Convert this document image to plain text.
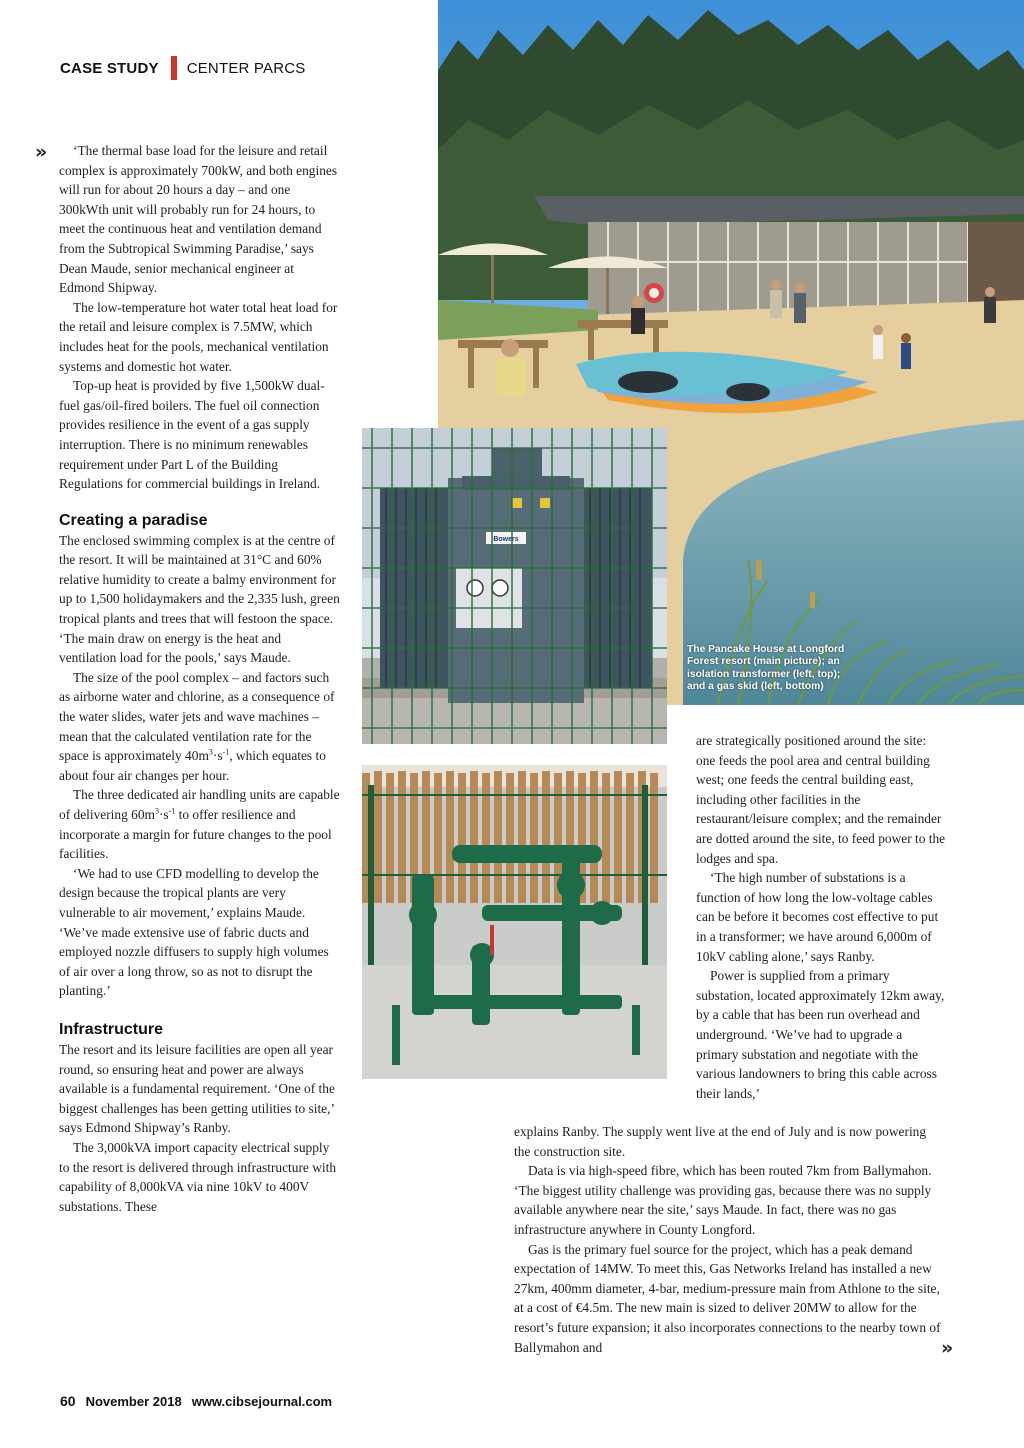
CASE STUDY CENTER PARCS
Bowers
The Pancake House at Longford Forest resort (main picture); an isolation transformer (left, top); and a gas skid (left, bottom)
»	‘The thermal base load for the leisure and retail complex is approximately 700kW, and both engines will run for about 20 hours a day – and one 300kWth unit will probably run for 24 hours, to meet the continuous heat and ventilation demand from the Subtropical Swimming Paradise,’ says Dean Maude, senior mechanical engineer at Edmond Shipway.

The low-temperature hot water total heat load for the retail and leisure complex is 7.5MW, which includes heat for the pools, mechanical ventilation systems and domestic hot water.

Top-up heat is provided by five 1,500kW dual-fuel gas/oil-fired boilers. The fuel oil connection provides resilience in the event of a gas supply interruption. There is no minimum renewables requirement under Part L of the Building Regulations for commercial buildings in Ireland.

Creating a paradise

The enclosed swimming complex is at the centre of the resort. It will be maintained at 31°C and 60% relative humidity to create a balmy environment for up to 1,500 holidaymakers and the 2,335 lush, green tropical plants and trees that will festoon the space. ‘The main draw on energy is the heat and ventilation load for the pools,’ says Maude.

The size of the pool complex – and factors such as airborne water and chlorine, as a consequence of the water slides, water jets and wave machines – mean that the calculated ventilation rate for the space is approximately $40m^3\cdot s^{-1}$, which equates to about four air changes per hour.

The three dedicated air handling units are capable of delivering $60m^3\cdot s^{-1}$ to offer resilience and incorporate a margin for future changes to the pool facilities.

‘We had to use CFD modelling to develop the design because the tropical plants are very vulnerable to air movement,’ explains Maude. ‘We’ve made extensive use of fabric ducts and employed nozzle diffusers to supply high volumes of air over a long throw, so as not to disrupt the planting.’

Infrastructure

The resort and its leisure facilities are open all year round, so ensuring heat and power are always available is a fundamental requirement. ‘One of the biggest challenges has been getting utilities to site,’ says Edmond Shipway’s Ranby.

The 3,000kVA import capacity electrical supply to the resort is delivered through infrastructure with capability of 8,000kVA via nine 10kV to 400V substations. These

are strategically positioned around the site: one feeds the pool area and central building west; one feeds the central building east, including other facilities in the restaurant/leisure complex; and the remainder are dotted around the site, to feed power to the lodges and spa.

‘The high number of substations is a function of how long the low-voltage cables can be before it becomes cost effective to put in a transformer; we have around 6,000m of 10kV cabling alone,’ says Ranby.

Power is supplied from a primary substation, located approximately 12km away, by a cable that has been run overhead and underground. ‘We’ve had to upgrade a primary substation and negotiate with the various landowners to bring this cable across their lands,’

explains Ranby. The supply went live at the end of July and is now powering the construction site.

Data is via high-speed fibre, which has been routed 7km from Ballymahon. ‘The biggest utility challenge was providing gas, because there was no supply available anywhere near the site,’ says Maude. In fact, there was no gas infrastructure anywhere in County Longford.

Gas is the primary fuel source for the project, which has a peak demand expectation of 14MW. To meet this, Gas Networks Ireland has installed a new 27km, 400mm diameter, 4-bar, medium-pressure main from Athlone to the site, at a cost of €4.5m. The new main is sized to deliver 20MW to allow for the resort’s future expansion; it also incorporates connections to the nearby town of Ballymahon and	»
60 November 2018 www.cibsejournal.com
